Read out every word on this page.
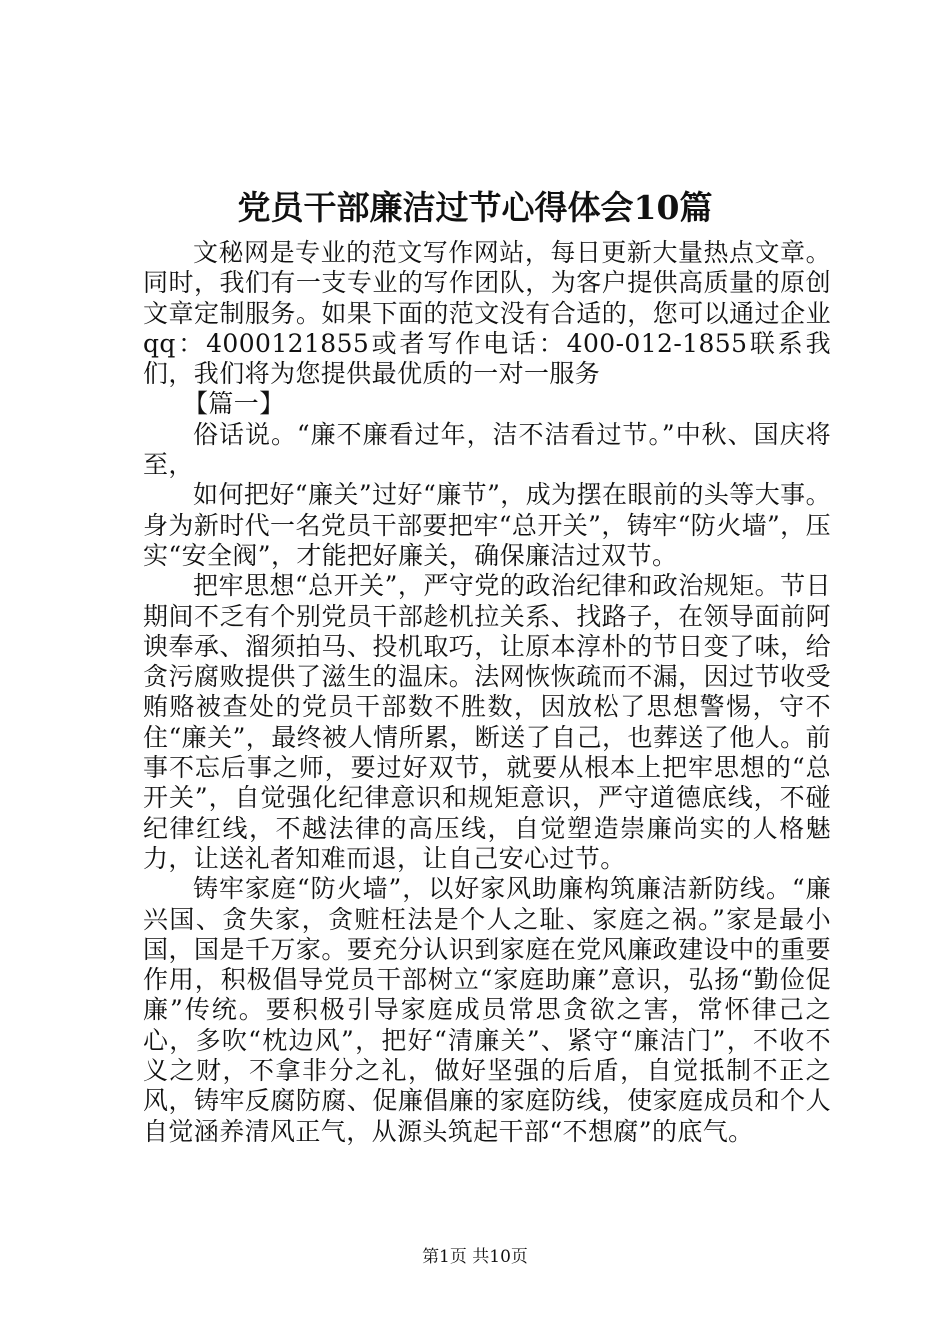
党员干部廉洁过节心得体会10篇

文秘网是专业的范文写作网站，每日更新大量热点文章。同时，我们有一支专业的写作团队，为客户提供高质量的原创文章定制服务。如果下面的范文没有合适的，您可以通过企业qq：4000121855或者写作电话：400-012-1855联系我们，我们将为您提供最优质的一对一服务

【篇一】

俗话说。“廉不廉看过年，洁不洁看过节。”中秋、国庆将至，

如何把好“廉关”过好“廉节”，成为摆在眼前的头等大事。身为新时代一名党员干部要把牢“总开关”，铸牢“防火墙”，压实“安全阀”，才能把好廉关，确保廉洁过双节。

把牢思想“总开关”，严守党的政治纪律和政治规矩。节日期间不乏有个别党员干部趁机拉关系、找路子，在领导面前阿谀奉承、溜须拍马、投机取巧，让原本淳朴的节日变了味，给贪污腐败提供了滋生的温床。法网恢恢疏而不漏，因过节收受贿赂被查处的党员干部数不胜数，因放松了思想警惕，守不住“廉关”，最终被人情所累，断送了自己，也葬送了他人。前事不忘后事之师，要过好双节，就要从根本上把牢思想的“总开关”，自觉强化纪律意识和规矩意识，严守道德底线，不碰纪律红线，不越法律的高压线，自觉塑造崇廉尚实的人格魅力，让送礼者知难而退，让自己安心过节。

铸牢家庭“防火墙”，以好家风助廉构筑廉洁新防线。“廉兴国、贪失家，贪赃枉法是个人之耻、家庭之祸。”家是最小国，国是千万家。要充分认识到家庭在党风廉政建设中的重要作用，积极倡导党员干部树立“家庭助廉”意识，弘扬“勤俭促廉”传统。要积极引导家庭成员常思贪欲之害，常怀律己之心，多吹“枕边风”，把好“清廉关”、紧守“廉洁门”，不收不义之财，不拿非分之礼，做好坚强的后盾，自觉抵制不正之风，铸牢反腐防腐、促廉倡廉的家庭防线，使家庭成员和个人自觉涵养清风正气，从源头筑起干部“不想腐”的底气。

第1页 共10页
